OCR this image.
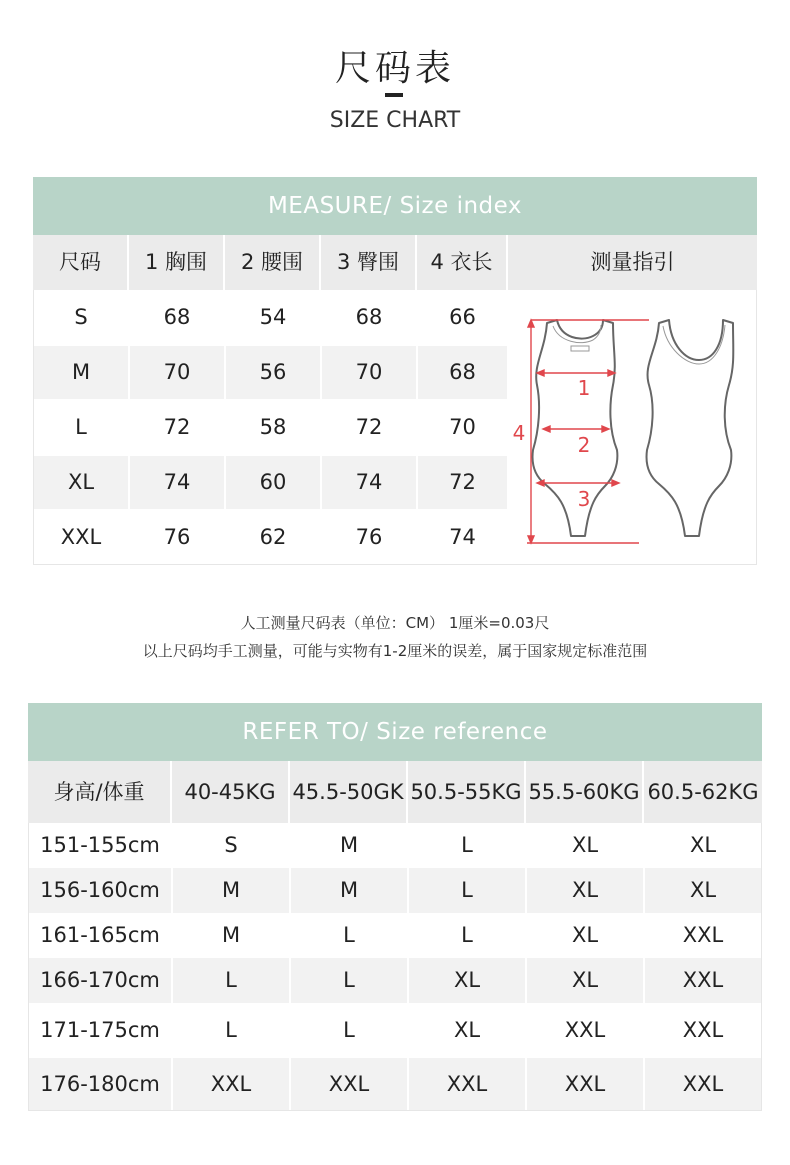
尺码表
SIZE CHART
MEASURE/ Size index
尺码	1 胸围	2 腰围	3 臀围	4 衣长	测量指引
S	68	54	68	66
M	70	56	70	68
L	72	58	72	70
XL	74	60	74	72
XXL	76	62	76	74
1
2
3
4
人工测量尺码表（单位：CM） 1厘米=0.03尺
以上尺码均手工测量，可能与实物有1-2厘米的误差，属于国家规定标准范围
REFER TO/ Size reference
身高/体重	40-45KG 45.5-50GK 50.5-55KG 55.5-60KG 60.5-62KG
151-155cm	S	M	L	XL	XL
156-160cm	M	M	L	XL	XL
161-165cm	M	L	L	XL	XXL
166-170cm	L	L	XL	XL	XXL
171-175cm	L	L	XL	XXL	XXL
176-180cm	XXL	XXL	XXL	XXL	XXL
